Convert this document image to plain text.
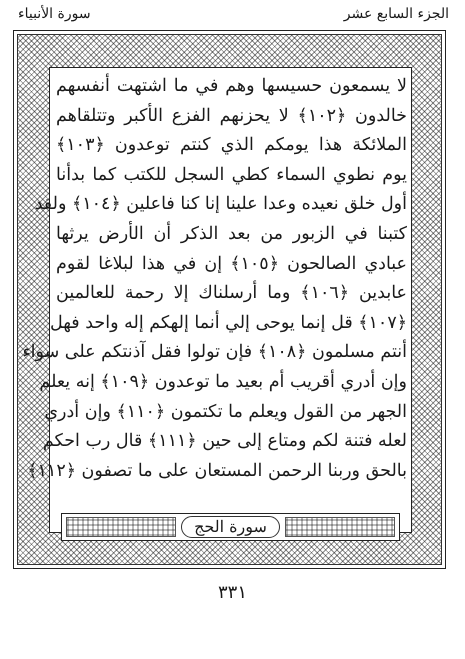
الجزء السابع عشر
سورة الأنبياء
لا يسمعون حسيسها وهم في ما اشتهت أنفسهم
خالدون ﴿١٠٢﴾ لا يحزنهم الفزع الأكبر وتتلقاهم
الملائكة هذا يومكم الذي كنتم توعدون ﴿١٠٣﴾
يوم نطوي السماء كطي السجل للكتب كما بدأنا
أول خلق نعيده وعدا علينا إنا كنا فاعلين ﴿١٠٤﴾ ولقد
كتبنا في الزبور من بعد الذكر أن الأرض يرثها
عبادي الصالحون ﴿١٠٥﴾ إن في هذا لبلاغا لقوم
عابدين ﴿١٠٦﴾ وما أرسلناك إلا رحمة للعالمين
﴿١٠٧﴾ قل إنما يوحى إلي أنما إلهكم إله واحد فهل
أنتم مسلمون ﴿١٠٨﴾ فإن تولوا فقل آذنتكم على سواء
وإن أدري أقريب أم بعيد ما توعدون ﴿١٠٩﴾ إنه يعلم
الجهر من القول ويعلم ما تكتمون ﴿١١٠﴾ وإن أدري
لعله فتنة لكم ومتاع إلى حين ﴿١١١﴾ قال رب احكم
بالحق وربنا الرحمن المستعان على ما تصفون ﴿١١٢﴾
سورة الحج
٣٣١
